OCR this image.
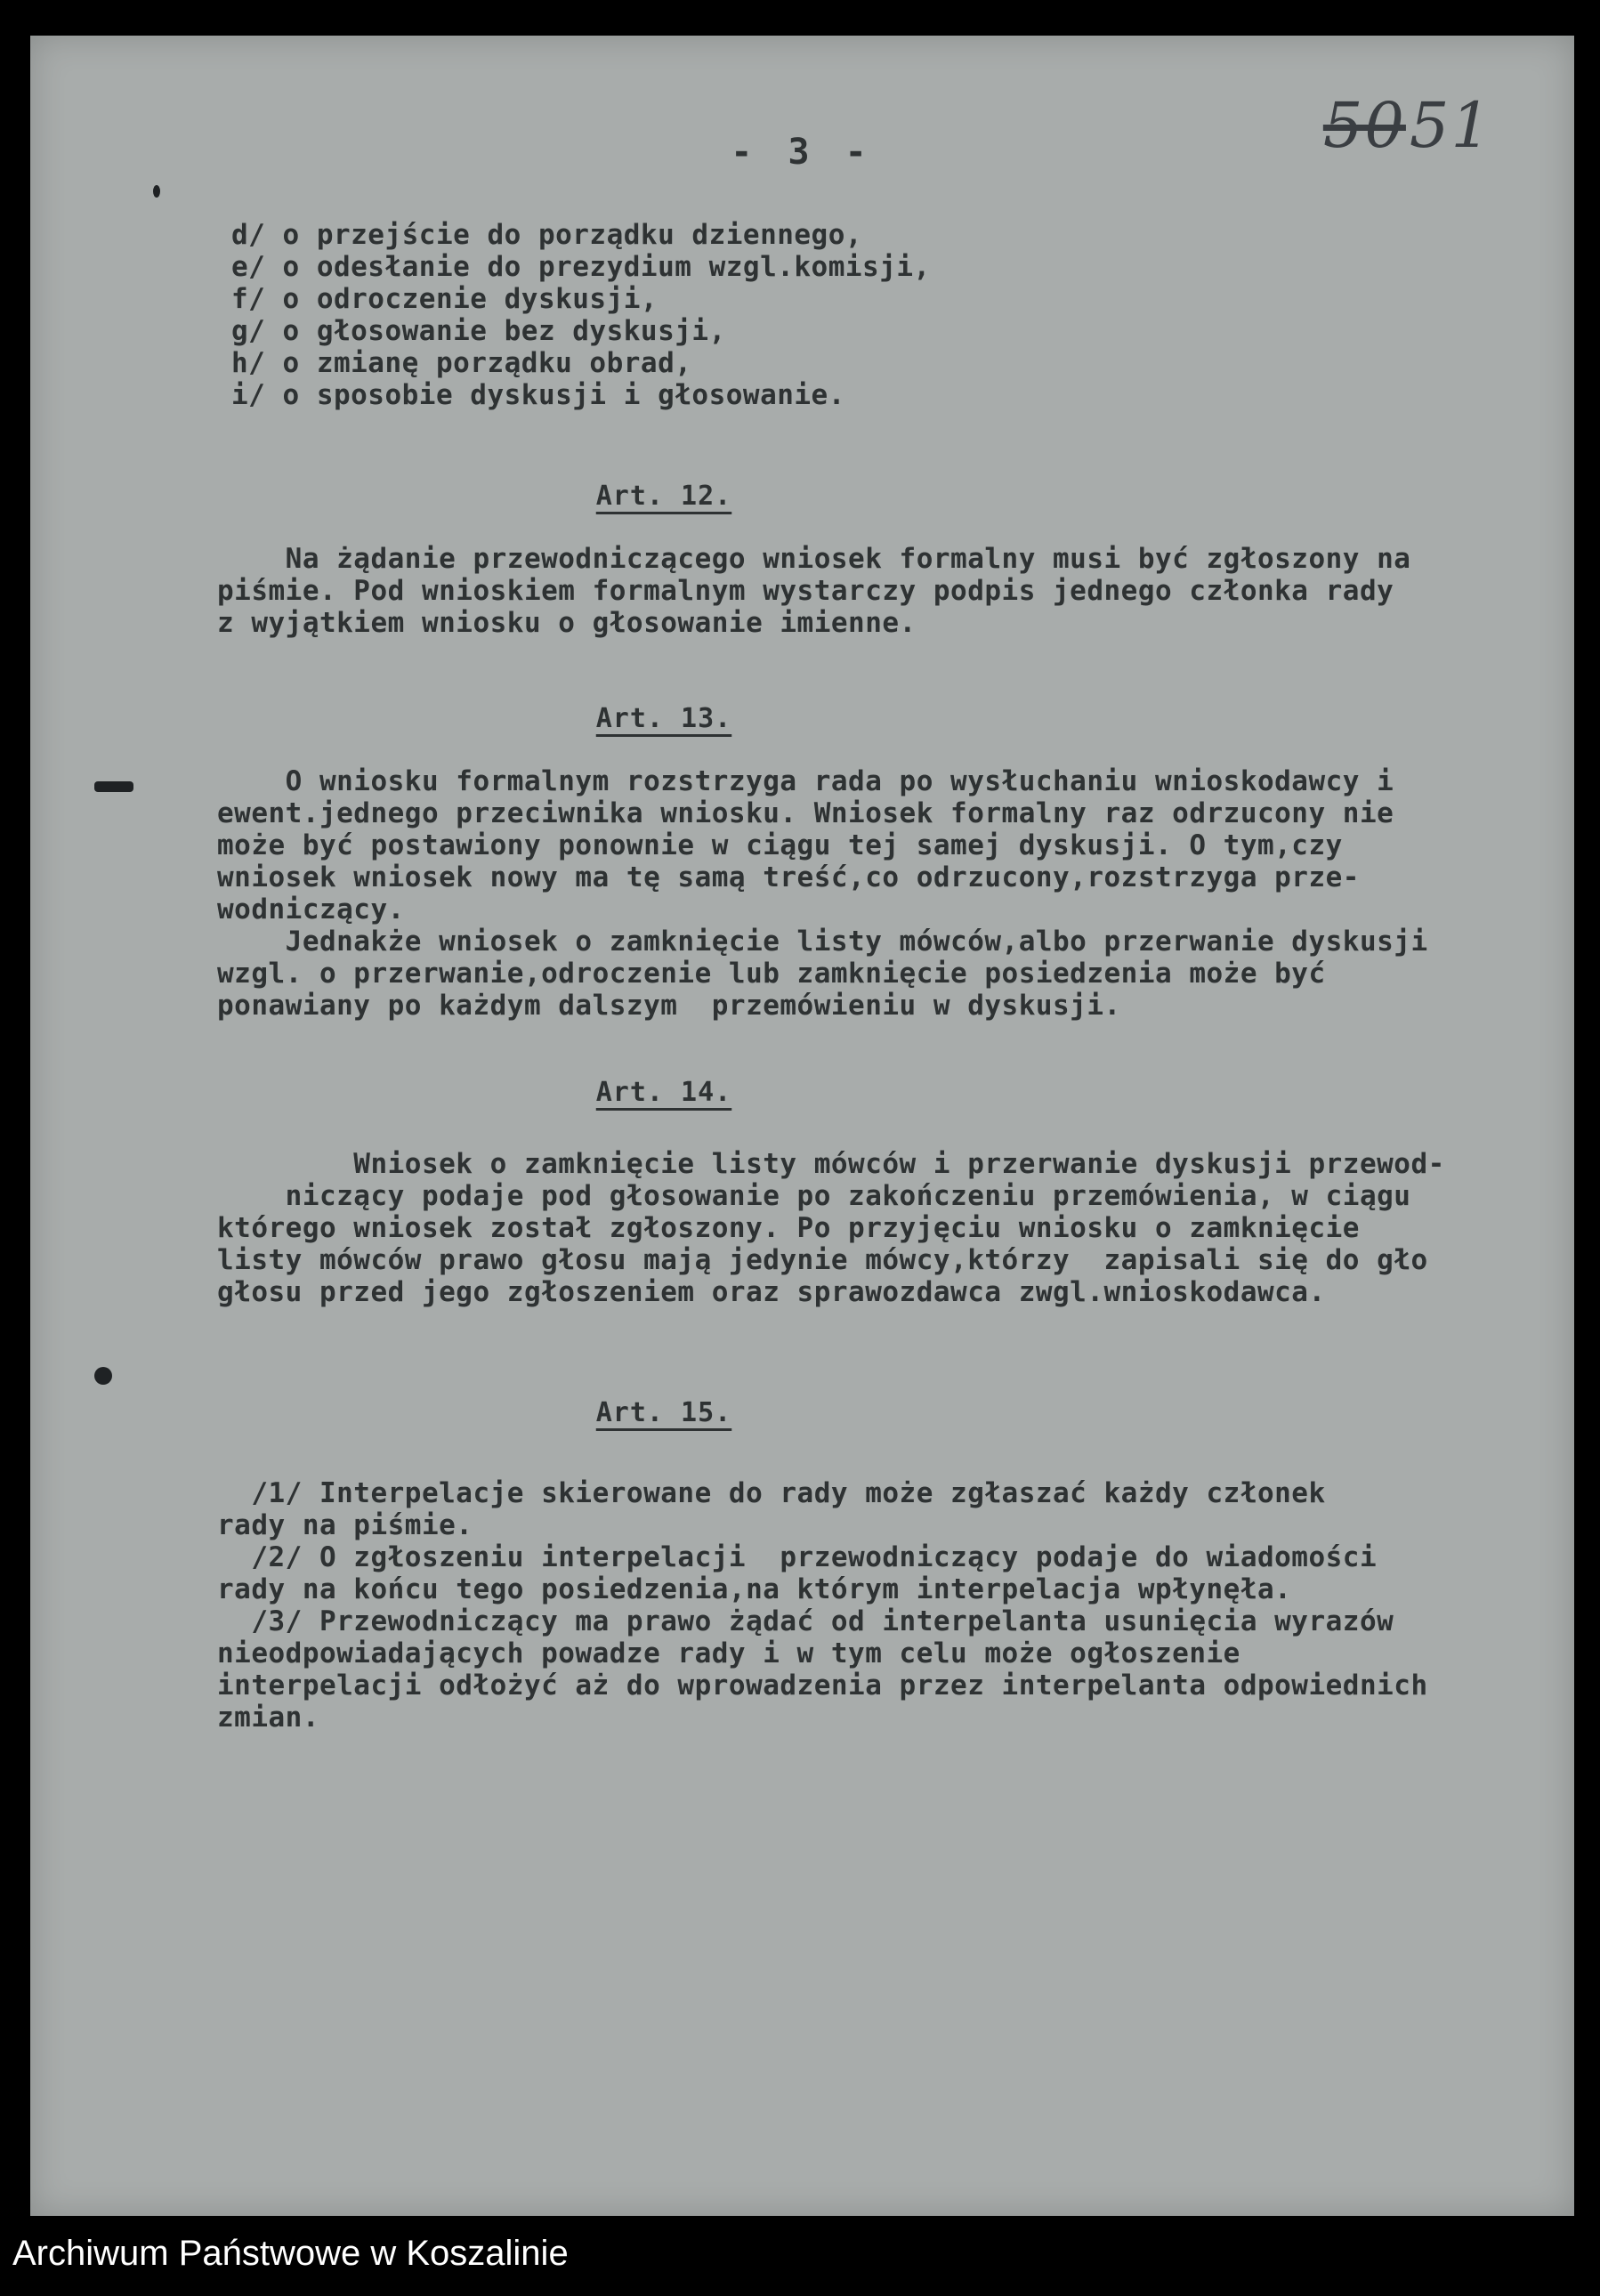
5051
- 3 -
d/ o przejście do porządku dziennego,
e/ o odesłanie do prezydium wzgl.komisji,
f/ o odroczenie dyskusji,
g/ o głosowanie bez dyskusji,
h/ o zmianę porządku obrad,
i/ o sposobie dyskusji i głosowanie.
Art. 12.
Na żądanie przewodniczącego wniosek formalny musi być zgłoszony na
piśmie. Pod wnioskiem formalnym wystarczy podpis jednego członka rady
z wyjątkiem wniosku o głosowanie imienne.
Art. 13.
O wniosku formalnym rozstrzyga rada po wysłuchaniu wnioskodawcy i
ewent.jednego przeciwnika wniosku. Wniosek formalny raz odrzucony nie
może być postawiony ponownie w ciągu tej samej dyskusji. O tym,czy
wniosek wniosek nowy ma tę samą treść,co odrzucony,rozstrzyga prze-
wodniczący.
Jednakże wniosek o zamknięcie listy mówców,albo przerwanie dyskusji
wzgl. o przerwanie,odroczenie lub zamknięcie posiedzenia może być
ponawiany po każdym dalszym  przemówieniu w dyskusji.
Art. 14.
Wniosek o zamknięcie listy mówców i przerwanie dyskusji przewod-
niczący podaje pod głosowanie po zakończeniu przemówienia, w ciągu
którego wniosek został zgłoszony. Po przyjęciu wniosku o zamknięcie
listy mówców prawo głosu mają jedynie mówcy,którzy  zapisali się do gło
głosu przed jego zgłoszeniem oraz sprawozdawca zwgl.wnioskodawca.
Art. 15.
/1/ Interpelacje skierowane do rady może zgłaszać każdy członek
rady na piśmie.
/2/ O zgłoszeniu interpelacji  przewodniczący podaje do wiadomości
rady na końcu tego posiedzenia,na którym interpelacja wpłynęła.
/3/ Przewodniczący ma prawo żądać od interpelanta usunięcia wyrazów
nieodpowiadających powadze rady i w tym celu może ogłoszenie
interpelacji odłożyć aż do wprowadzenia przez interpelanta odpowiednich
zmian.
Archiwum Państwowe w Koszalinie
